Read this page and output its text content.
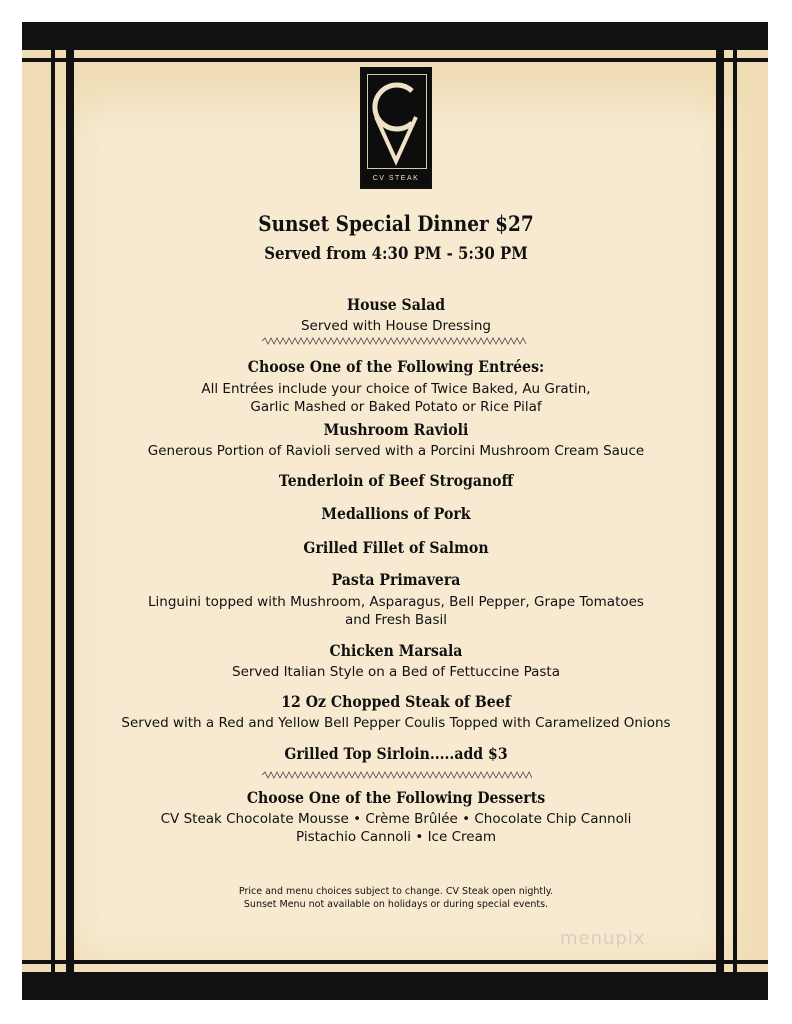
CV STEAK
Sunset Special Dinner $27
Served from 4:30 PM - 5:30 PM
House Salad
Served with House Dressing
Choose One of the Following Entrées:
All Entrées include your choice of Twice Baked, Au Gratin,
Garlic Mashed or Baked Potato or Rice Pilaf
Mushroom Ravioli
Generous Portion of Ravioli served with a Porcini Mushroom Cream Sauce
Tenderloin of Beef Stroganoff
Medallions of Pork
Grilled Fillet of Salmon
Pasta Primavera
Linguini topped with Mushroom, Asparagus, Bell Pepper, Grape Tomatoes
and Fresh Basil
Chicken Marsala
Served Italian Style on a Bed of Fettuccine Pasta
12 Oz Chopped Steak of Beef
Served with a Red and Yellow Bell Pepper Coulis Topped with Caramelized Onions
Grilled Top Sirloin.....add $3
Choose One of the Following Desserts
CV Steak Chocolate Mousse • Crème Brûlée • Chocolate Chip Cannoli
Pistachio Cannoli • Ice Cream
Price and menu choices subject to change. CV Steak open nightly.
Sunset Menu not available on holidays or during special events.
menupix
